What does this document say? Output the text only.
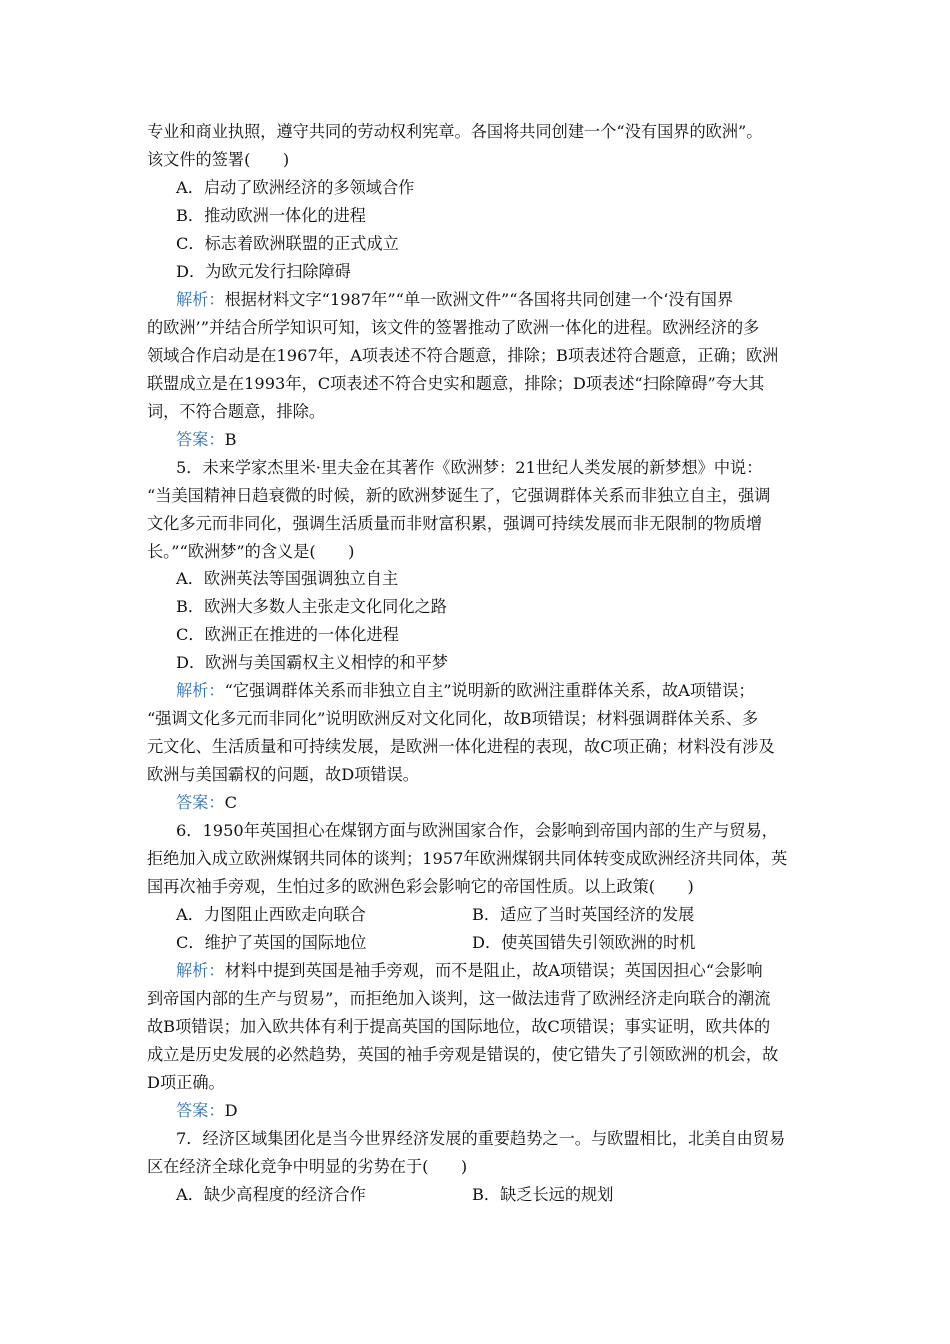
专业和商业执照，遵守共同的劳动权利宪章。各国将共同创建一个“没有国界的欧洲”。
该文件的签署(　　)
A．启动了欧洲经济的多领域合作
B．推动欧洲一体化的进程
C．标志着欧洲联盟的正式成立
D．为欧元发行扫除障碍
解析：根据材料文字“1987年”“单一欧洲文件”“各国将共同创建一个‘没有国界
的欧洲’”并结合所学知识可知，该文件的签署推动了欧洲一体化的进程。欧洲经济的多
领域合作启动是在1967年，A项表述不符合题意，排除；B项表述符合题意，正确；欧洲
联盟成立是在1993年，C项表述不符合史实和题意，排除；D项表述“扫除障碍”夸大其
词，不符合题意，排除。
答案：B
5．未来学家杰里米·里夫金在其著作《欧洲梦：21世纪人类发展的新梦想》中说：
“当美国精神日趋衰微的时候，新的欧洲梦诞生了，它强调群体关系而非独立自主，强调
文化多元而非同化，强调生活质量而非财富积累，强调可持续发展而非无限制的物质增
长。”“欧洲梦”的含义是(　　)
A．欧洲英法等国强调独立自主
B．欧洲大多数人主张走文化同化之路
C．欧洲正在推进的一体化进程
D．欧洲与美国霸权主义相悖的和平梦
解析：“它强调群体关系而非独立自主”说明新的欧洲注重群体关系，故A项错误；
“强调文化多元而非同化”说明欧洲反对文化同化，故B项错误；材料强调群体关系、多
元文化、生活质量和可持续发展，是欧洲一体化进程的表现，故C项正确；材料没有涉及
欧洲与美国霸权的问题，故D项错误。
答案：C
6．1950年英国担心在煤钢方面与欧洲国家合作，会影响到帝国内部的生产与贸易，
拒绝加入成立欧洲煤钢共同体的谈判；1957年欧洲煤钢共同体转变成欧洲经济共同体，英
国再次袖手旁观，生怕过多的欧洲色彩会影响它的帝国性质。以上政策(　　)
A．力图阻止西欧走向联合	B．适应了当时英国经济的发展
C．维护了英国的国际地位	D．使英国错失引领欧洲的时机
解析：材料中提到英国是袖手旁观，而不是阻止，故A项错误；英国因担心“会影响
到帝国内部的生产与贸易”，而拒绝加入谈判，这一做法违背了欧洲经济走向联合的潮流
故B项错误；加入欧共体有利于提高英国的国际地位，故C项错误；事实证明，欧共体的
成立是历史发展的必然趋势，英国的袖手旁观是错误的，使它错失了引领欧洲的机会，故
D项正确。
答案：D
7．经济区域集团化是当今世界经济发展的重要趋势之一。与欧盟相比，北美自由贸易
区在经济全球化竞争中明显的劣势在于(　　)
A．缺少高程度的经济合作	B．缺乏长远的规划
